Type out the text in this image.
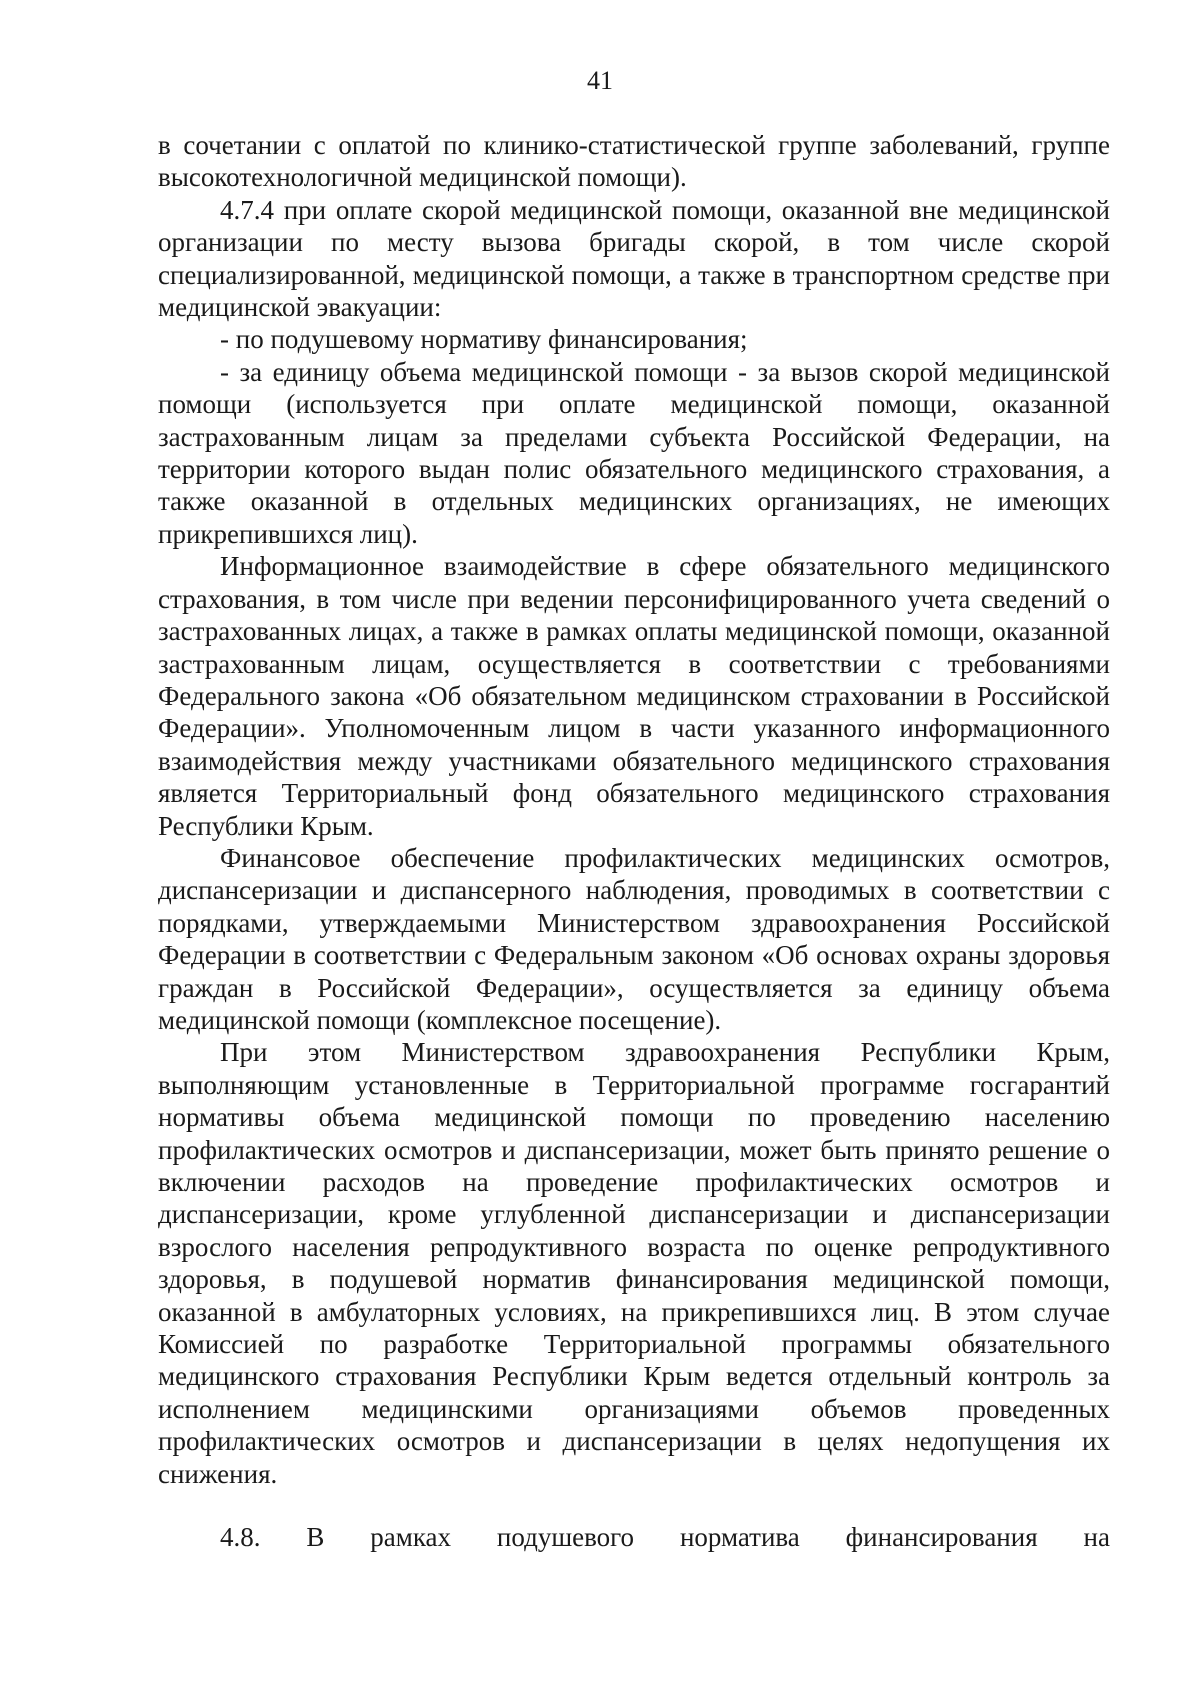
41

в сочетании с оплатой по клинико-статистической группе заболеваний, группе высокотехнологичной медицинской помощи).

4.7.4 при оплате скорой медицинской помощи, оказанной вне медицинской организации по месту вызова бригады скорой, в том числе скорой специализированной, медицинской помощи, а также в транспортном средстве при медицинской эвакуации:

- по подушевому нормативу финансирования;

- за единицу объема медицинской помощи - за вызов скорой медицинской помощи (используется при оплате медицинской помощи, оказанной застрахованным лицам за пределами субъекта Российской Федерации, на территории которого выдан полис обязательного медицинского страхования, а также оказанной в отдельных медицинских организациях, не имеющих прикрепившихся лиц).

Информационное взаимодействие в сфере обязательного медицинского страхования, в том числе при ведении персонифицированного учета сведений о застрахованных лицах, а также в рамках оплаты медицинской помощи, оказанной застрахованным лицам, осуществляется в соответствии с требованиями Федерального закона «Об обязательном медицинском страховании в Российской Федерации». Уполномоченным лицом в части указанного информационного взаимодействия между участниками обязательного медицинского страхования является Территориальный фонд обязательного медицинского страхования Республики Крым.

Финансовое обеспечение профилактических медицинских осмотров, диспансеризации и диспансерного наблюдения, проводимых в соответствии с порядками, утверждаемыми Министерством здравоохранения Российской Федерации в соответствии с Федеральным законом «Об основах охраны здоровья граждан в Российской Федерации», осуществляется за единицу объема медицинской помощи (комплексное посещение).

При этом Министерством здравоохранения Республики Крым, выполняющим установленные в Территориальной программе госгарантий нормативы объема медицинской помощи по проведению населению профилактических осмотров и диспансеризации, может быть принято решение о включении расходов на проведение профилактических осмотров и диспансеризации, кроме углубленной диспансеризации и диспансеризации взрослого населения репродуктивного возраста по оценке репродуктивного здоровья, в подушевой норматив финансирования медицинской помощи, оказанной в амбулаторных условиях, на прикрепившихся лиц. В этом случае Комиссией по разработке Территориальной программы обязательного медицинского страхования Республики Крым ведется отдельный контроль за исполнением медицинскими организациями объемов проведенных профилактических осмотров и диспансеризации в целях недопущения их снижения.

4.8. В рамках подушевого норматива финансирования на
